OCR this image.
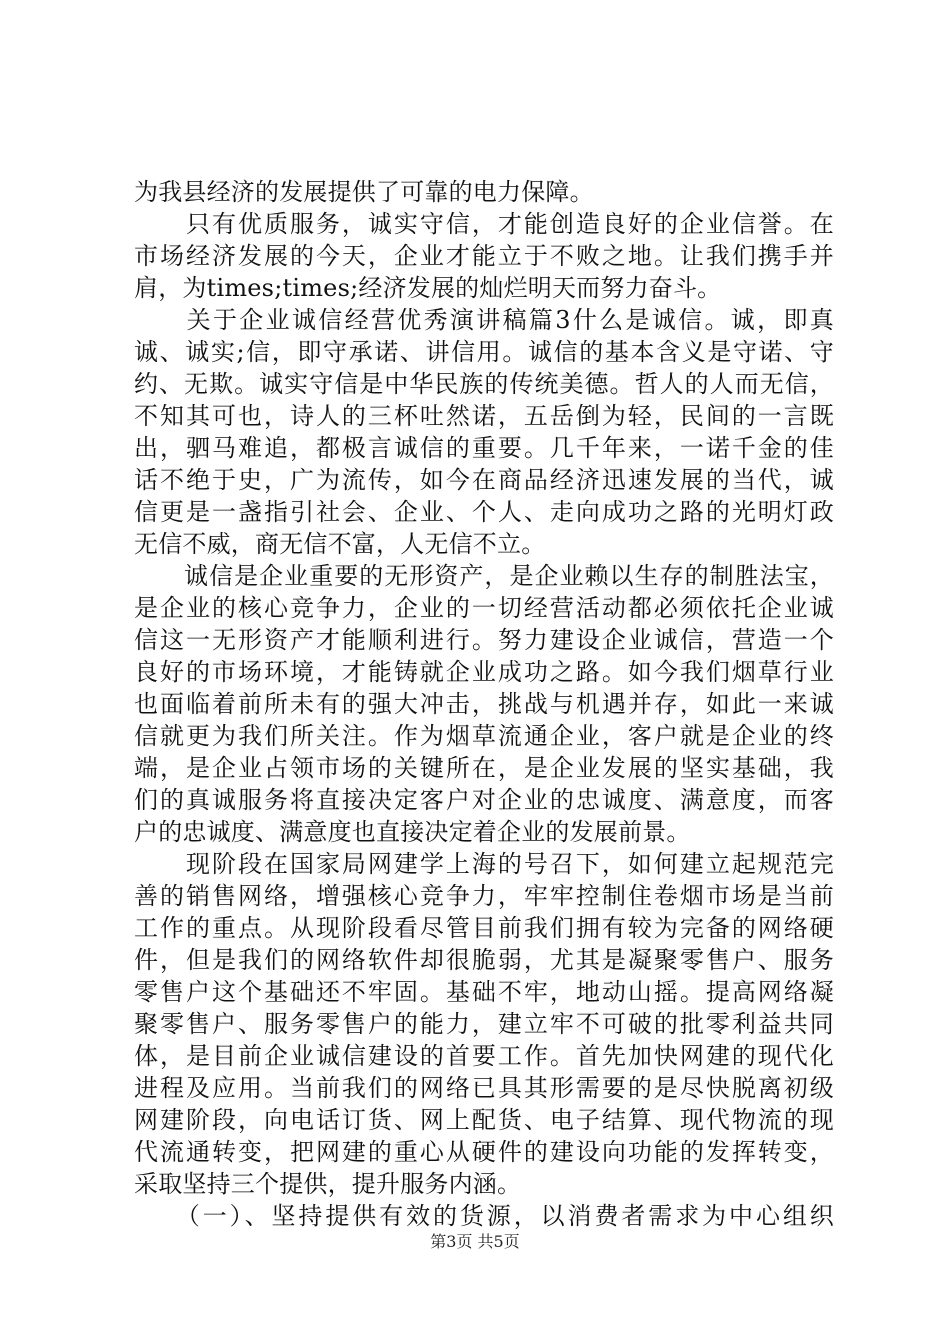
为我县经济的发展提供了可靠的电力保障。
　　只有优质服务，诚实守信，才能创造良好的企业信誉。在
市场经济发展的今天，企业才能立于不败之地。让我们携手并
肩，为times;times;经济发展的灿烂明天而努力奋斗。
　　关于企业诚信经营优秀演讲稿篇3什么是诚信。诚，即真
诚、诚实;信，即守承诺、讲信用。诚信的基本含义是守诺、守
约、无欺。诚实守信是中华民族的传统美德。哲人的人而无信，
不知其可也，诗人的三杯吐然诺，五岳倒为轻，民间的一言既
出，驷马难追，都极言诚信的重要。几千年来，一诺千金的佳
话不绝于史，广为流传，如今在商品经济迅速发展的当代，诚
信更是一盏指引社会、企业、个人、走向成功之路的光明灯政
无信不威，商无信不富，人无信不立。
　　诚信是企业重要的无形资产，是企业赖以生存的制胜法宝，
是企业的核心竞争力，企业的一切经营活动都必须依托企业诚
信这一无形资产才能顺利进行。努力建设企业诚信，营造一个
良好的市场环境，才能铸就企业成功之路。如今我们烟草行业
也面临着前所未有的强大冲击，挑战与机遇并存，如此一来诚
信就更为我们所关注。作为烟草流通企业，客户就是企业的终
端，是企业占领市场的关键所在，是企业发展的坚实基础，我
们的真诚服务将直接决定客户对企业的忠诚度、满意度，而客
户的忠诚度、满意度也直接决定着企业的发展前景。
　　现阶段在国家局网建学上海的号召下，如何建立起规范完
善的销售网络，增强核心竞争力，牢牢控制住卷烟市场是当前
工作的重点。从现阶段看尽管目前我们拥有较为完备的网络硬
件，但是我们的网络软件却很脆弱，尤其是凝聚零售户、服务
零售户这个基础还不牢固。基础不牢，地动山摇。提高网络凝
聚零售户、服务零售户的能力，建立牢不可破的批零利益共同
体，是目前企业诚信建设的首要工作。首先加快网建的现代化
进程及应用。当前我们的网络已具其形需要的是尽快脱离初级
网建阶段，向电话订货、网上配货、电子结算、现代物流的现
代流通转变，把网建的重心从硬件的建设向功能的发挥转变，
采取坚持三个提供，提升服务内涵。
　　（一）、坚持提供有效的货源，以消费者需求为中心组织
第3页 共5页
